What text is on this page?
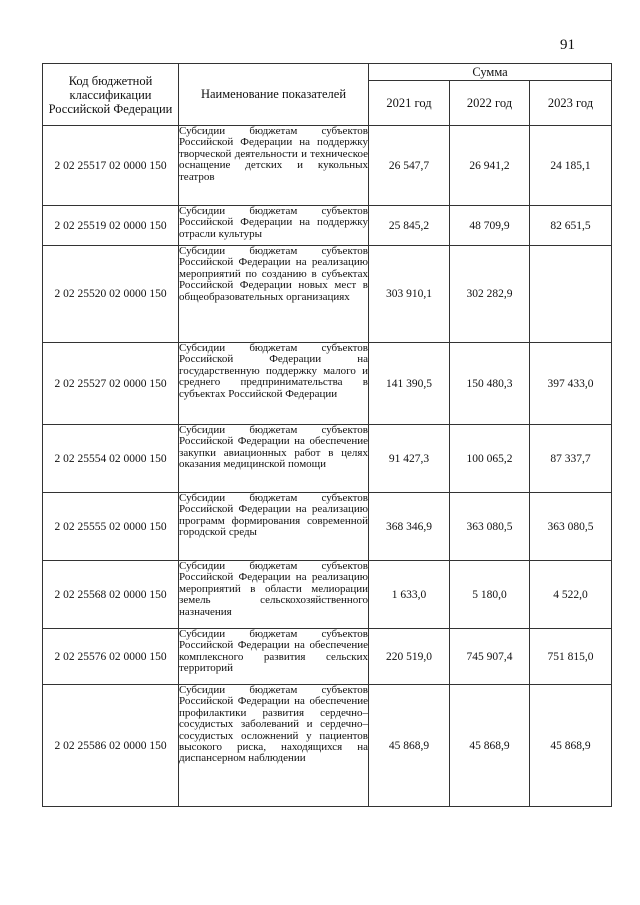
91
Код бюджетной классификации Российской Федерации	Наименование показателей	Сумма		
		2021 год	2022 год	2023 год
2 02 25517 02 0000 150	Субсидии бюджетам субъектов Российской Федерации на поддержку творческой деятельности и техническое оснащение детских и кукольных театров	26 547,7	26 941,2	24 185,1
2 02 25519 02 0000 150	Субсидии бюджетам субъектов Российской Федерации на поддержку отрасли культуры	25 845,2	48 709,9	82 651,5
2 02 25520 02 0000 150	Субсидии бюджетам субъектов Российской Федерации на реализацию мероприятий по созданию в субъектах Российской Федерации новых мест в общеобразовательных организациях	303 910,1	302 282,9	
2 02 25527 02 0000 150	Субсидии бюджетам субъектов Российской Федерации на государственную поддержку малого и среднего предпринимательства в субъектах Российской Федерации	141 390,5	150 480,3	397 433,0
2 02 25554 02 0000 150	Субсидии бюджетам субъектов Российской Федерации на обеспечение закупки авиационных работ в целях оказания медицинской помощи	91 427,3	100 065,2	87 337,7
2 02 25555 02 0000 150	Субсидии бюджетам субъектов Российской Федерации на реализацию программ формирования современной городской среды	368 346,9	363 080,5	363 080,5
2 02 25568 02 0000 150	Субсидии бюджетам субъектов Российской Федерации на реализацию мероприятий в области мелиорации земель сельскохозяйственного назначения	1 633,0	5 180,0	4 522,0
2 02 25576 02 0000 150	Субсидии бюджетам субъектов Российской Федерации на обеспечение комплексного развития сельских территорий	220 519,0	745 907,4	751 815,0
2 02 25586 02 0000 150	Субсидии бюджетам субъектов Российской Федерации на обеспечение профилактики развития сердечно–сосудистых заболеваний и сердечно–сосудистых осложнений у пациентов высокого риска, находящихся на диспансерном наблюдении	45 868,9	45 868,9	45 868,9
